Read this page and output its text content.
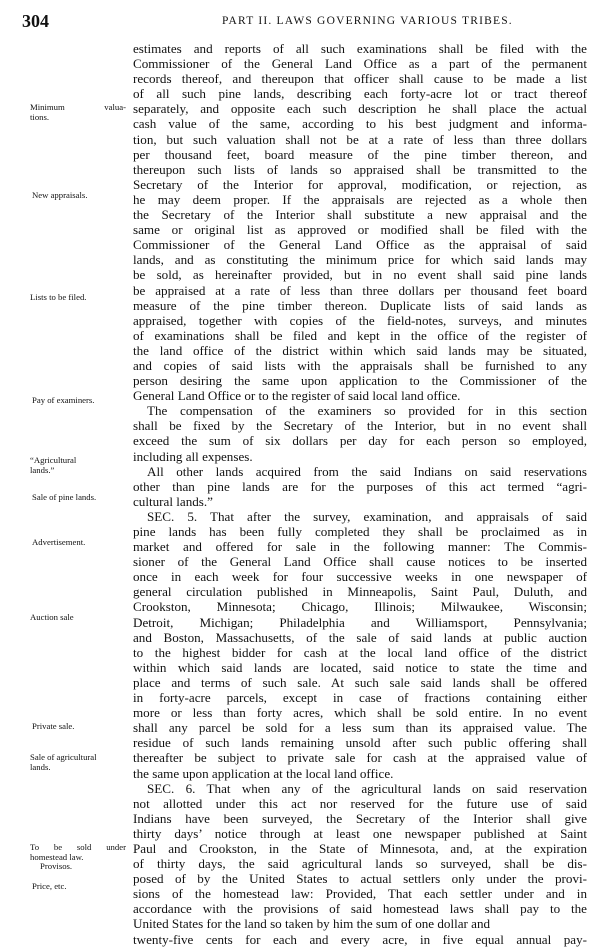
304	PART II. LAWS GOVERNING VARIOUS TRIBES.
estimates and reports of all such examinations shall be filed with the
Commissioner of the General Land Office as a part of the permanent
records thereof, and thereupon that officer shall cause to be made a list
of all such pine lands, describing each forty-acre lot or tract thereof
separately, and opposite each such description he shall place the actual
cash value of the same, according to his best judgment and informa-
tion, but such valuation shall not be at a rate of less than three dollars
per thousand feet, board measure of the pine timber thereon, and
thereupon such lists of lands so appraised shall be transmitted to the
Secretary of the Interior for approval, modification, or rejection, as
he may deem proper. If the appraisals are rejected as a whole then
the Secretary of the Interior shall substitute a new appraisal and the
same or original list as approved or modified shall be filed with the
Commissioner of the General Land Office as the appraisal of said
lands, and as constituting the minimum price for which said lands may
be sold, as hereinafter provided, but in no event shall said pine lands
be appraised at a rate of less than three dollars per thousand feet board
measure of the pine timber thereon. Duplicate lists of said lands as
appraised, together with copies of the field-notes, surveys, and minutes
of examinations shall be filed and kept in the office of the register of
the land office of the district within which said lands may be situated,
and copies of said lists with the appraisals shall be furnished to any
person desiring the same upon application to the Commissioner of the
General Land Office or to the register of said local land office.
The compensation of the examiners so provided for in this section
shall be fixed by the Secretary of the Interior, but in no event shall
exceed the sum of six dollars per day for each person so employed,
including all expenses.
All other lands acquired from the said Indians on said reservations
other than pine lands are for the purposes of this act termed “agri-
cultural lands.”
SEC. 5. That after the survey, examination, and appraisals of said
pine lands has been fully completed they shall be proclaimed as in
market and offered for sale in the following manner: The Commis-
sioner of the General Land Office shall cause notices to be inserted
once in each week for four successive weeks in one newspaper of
general circulation published in Minneapolis, Saint Paul, Duluth, and
Crookston, Minnesota; Chicago, Illinois; Milwaukee, Wisconsin;
Detroit, Michigan; Philadelphia and Williamsport, Pennsylvania;
and Boston, Massachusetts, of the sale of said lands at public auction
to the highest bidder for cash at the local land office of the district
within which said lands are located, said notice to state the time and
place and terms of such sale. At such sale said lands shall be offered
in forty-acre parcels, except in case of fractions containing either
more or less than forty acres, which shall be sold entire. In no event
shall any parcel be sold for a less sum than its appraised value. The
residue of such lands remaining unsold after such public offering shall
thereafter be subject to private sale for cash at the appraised value of
the same upon application at the local land office.
SEC. 6. That when any of the agricultural lands on said reservation
not allotted under this act nor reserved for the future use of said
Indians have been surveyed, the Secretary of the Interior shall give
thirty days’ notice through at least one newspaper published at Saint
Paul and Crookston, in the State of Minnesota, and, at the expiration
of thirty days, the said agricultural lands so surveyed, shall be dis-
posed of by the United States to actual settlers only under the provi-
sions of the homestead law: Provided, That each settler under and in
accordance with the provisions of said homestead laws shall pay to the
United States for the land so taken by him the sum of one dollar and
twenty-five cents for each and every acre, in five equal annual pay-
Minimum valua-
tions.
New appraisals.
Lists to be filed.
Pay of examiners.
“Agricultural
lands.”
Sale of pine lands.
Advertisement.
Auction sale
Private sale.
Sale of agricultural
lands.
To be sold under
homestead law.
Provisos.
Price, etc.
